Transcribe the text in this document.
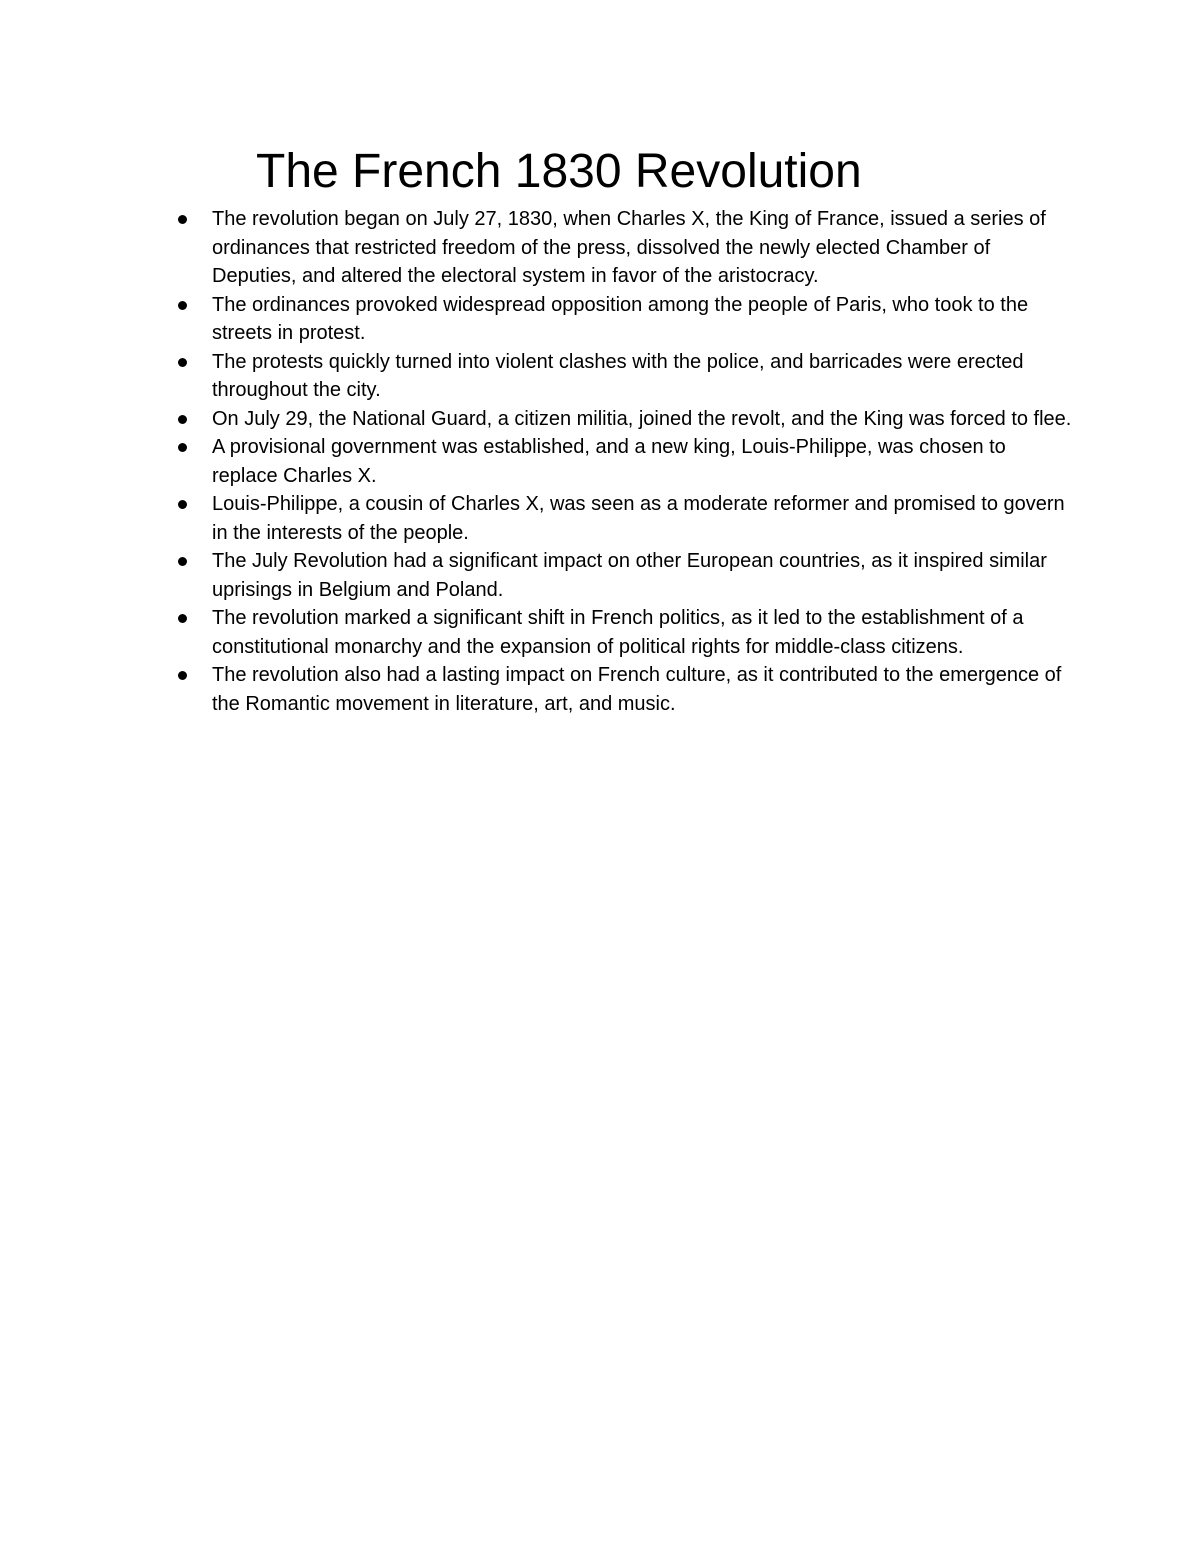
The French 1830 Revolution
The revolution began on July 27, 1830, when Charles X, the King of France, issued a series of ordinances that restricted freedom of the press, dissolved the newly elected Chamber of Deputies, and altered the electoral system in favor of the aristocracy.
The ordinances provoked widespread opposition among the people of Paris, who took to the streets in protest.
The protests quickly turned into violent clashes with the police, and barricades were erected throughout the city.
On July 29, the National Guard, a citizen militia, joined the revolt, and the King was forced to flee.
A provisional government was established, and a new king, Louis-Philippe, was chosen to replace Charles X.
Louis-Philippe, a cousin of Charles X, was seen as a moderate reformer and promised to govern in the interests of the people.
The July Revolution had a significant impact on other European countries, as it inspired similar uprisings in Belgium and Poland.
The revolution marked a significant shift in French politics, as it led to the establishment of a constitutional monarchy and the expansion of political rights for middle-class citizens.
The revolution also had a lasting impact on French culture, as it contributed to the emergence of the Romantic movement in literature, art, and music.
